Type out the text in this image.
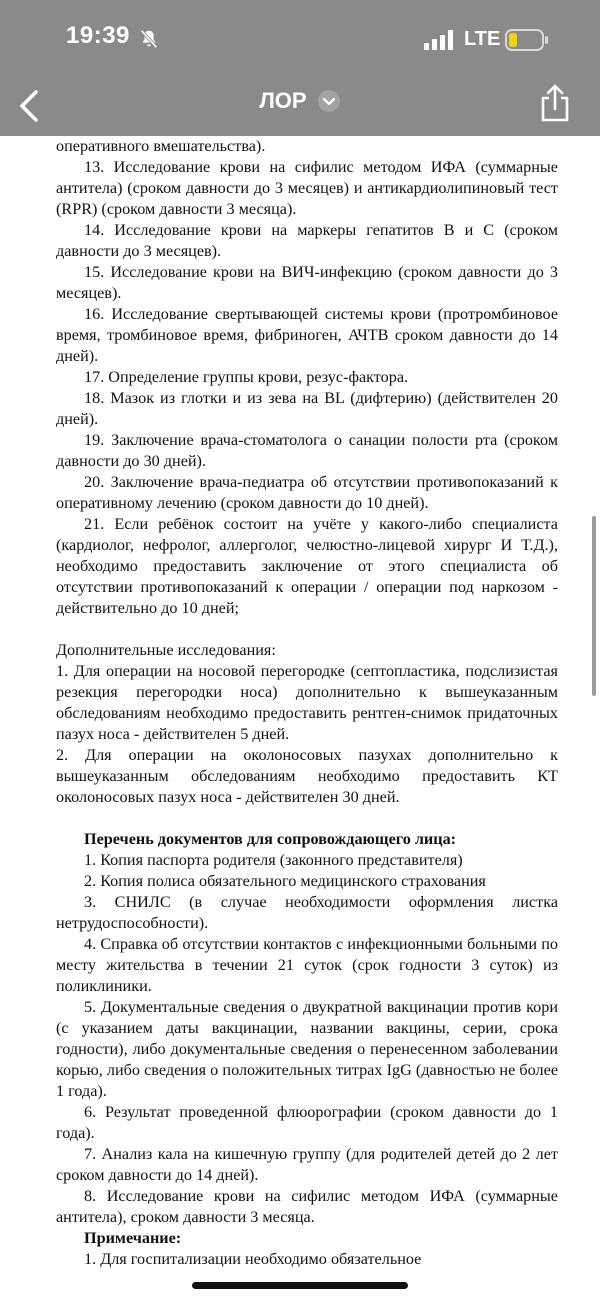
19:39	LTE
ЛОР

оперативного вмешательства).

13. Исследование крови на сифилис методом ИФА (суммарные антитела) (сроком давности до 3 месяцев) и антикардиолипиновый тест (RPR) (сроком давности 3 месяца).

14. Исследование крови на маркеры гепатитов В и С (сроком давности до 3 месяцев).

15. Исследование крови на ВИЧ-инфекцию (сроком давности до 3 месяцев).

16. Исследование свертывающей системы крови (протромбиновое время, тромбиновое время, фибриноген, АЧТВ сроком давности до 14 дней).

17. Определение группы крови, резус-фактора.

18. Мазок из глотки и из зева на BL (дифтерию) (действителен 20 дней).

19. Заключение врача-стоматолога о санации полости рта (сроком давности до 30 дней).

20. Заключение врача-педиатра об отсутствии противопоказаний к оперативному лечению (сроком давности до 10 дней).

21. Если ребёнок состоит на учёте у какого-либо специалиста (кардиолог, нефролог, аллерголог, челюстно-лицевой хирург И Т.Д.), необходимо предоставить заключение от этого специалиста об отсутствии противопоказаний к операции / операции под наркозом - действительно до 10 дней;

Дополнительные исследования:

1. Для операции на носовой перегородке (септопластика, подслизистая резекция перегородки носа) дополнительно к вышеуказанным обследованиям необходимо предоставить рентген-снимок придаточных пазух носа - действителен 5 дней.

2. Для операции на околоносовых пазухах дополнительно к вышеуказанным обследованиям необходимо предоставить КТ околоносовых пазух носа - действителен 30 дней.

Перечень документов для сопровождающего лица:

1. Копия паспорта родителя (законного представителя)

2. Копия полиса обязательного медицинского страхования

3. СНИЛС (в случае необходимости оформления листка нетрудоспособности).

4. Справка об отсутствии контактов с инфекционными больными по месту жительства в течении 21 суток (срок годности 3 суток) из поликлиники.

5. Документальные сведения о двукратной вакцинации против кори (с указанием даты вакцинации, названии вакцины, серии, срока годности), либо документальные сведения о перенесенном заболевании корью, либо сведения о положительных титрах IgG (давностью не более 1 года).

6. Результат проведенной флюорографии (сроком давности до 1 года).

7. Анализ кала на кишечную группу (для родителей детей до 2 лет сроком давности до 14 дней).

8. Исследование крови на сифилис методом ИФА (суммарные антитела), сроком давности 3 месяца.

Примечание:

1. Для госпитализации необходимо обязательное
